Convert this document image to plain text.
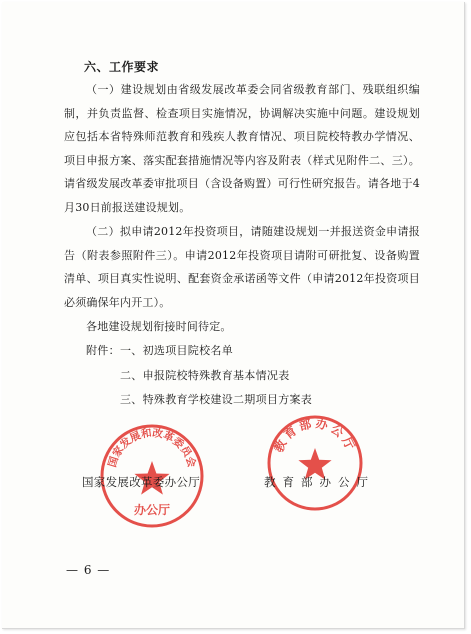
六、工作要求
（一）建设规划由省级发展改革委会同省级教育部门、残联组织编制，并负责监督、检查项目实施情况，协调解决实施中问题。建设规划应包括本省特殊师范教育和残疾人教育情况、项目院校特教办学情况、项目申报方案、落实配套措施情况等内容及附表（样式见附件二、三）。请省级发展改革委审批项目（含设备购置）可行性研究报告。请各地于4月30日前报送建设规划。
（二）拟申请2012年投资项目，请随建设规划一并报送资金申请报告（附表参照附件三）。申请2012年投资项目请附可研批复、设备购置清单、项目真实性说明、配套资金承诺函等文件（申请2012年投资项目必须确保年内开工）。
各地建设规划衔接时间待定。
附件： 一、初选项目院校名单
二、申报院校特殊教育基本情况表
三、特殊教育学校建设二期项目方案表
国家发展和改革委员会
办公厅
教育部办公厅
国家发展改革委办公厅	教育部办公厅
— 6 —
